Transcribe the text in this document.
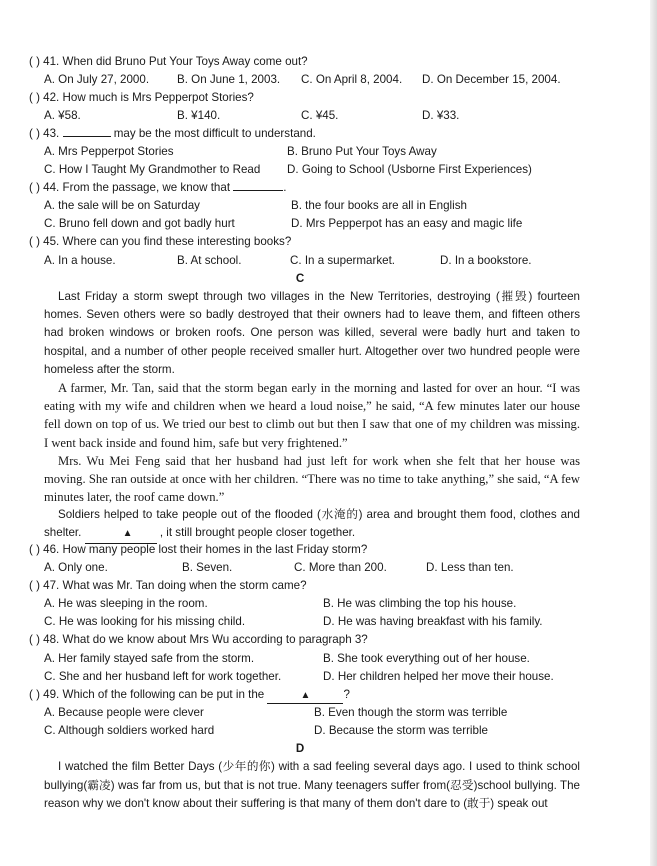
( ) 41. When did Bruno Put Your Toys Away come out?
A. On July 27, 2000. B. On June 1, 2003. C. On April 8, 2004. D. On December 15, 2004.
( ) 42. How much is Mrs Pepperpot Stories?
A. ¥58.	B. ¥140.	C. ¥45.	D. ¥33.
( ) 43.	may be the most difficult to understand.
A. Mrs Pepperpot Stories	B. Bruno Put Your Toys Away
C. How I Taught My Grandmother to Read D. Going to School (Usborne First Experiences)
( ) 44. From the passage, we know that	.
A. the sale will be on Saturday	B. the four books are all in English
C. Bruno fell down and got badly hurt	D. Mrs Pepperpot has an easy and magic life
( ) 45. Where can you find these interesting books?
A. In a house.	B. At school.	C. In a supermarket.	D. In a bookstore.
C

Last Friday a storm swept through two villages in the New Territories, destroying (摧毁) fourteen homes. Seven others were so badly destroyed that their owners had to leave them, and fifteen others had broken windows or broken roofs. One person was killed, several were badly hurt and taken to hospital, and a number of other people received smaller hurt. Altogether over two hundred people were homeless after the storm.

A farmer, Mr. Tan, said that the storm began early in the morning and lasted for over an hour. “I was eating with my wife and children when we heard a loud noise,” he said, “A few minutes later our house fell down on top of us. We tried our best to climb out but then I saw that one of my children was missing. I went back inside and found him, safe but very frightened.”

Mrs. Wu Mei Feng said that her husband had just left for work when she felt that her house was moving. She ran outside at once with her children. “There was no time to take anything,” she said, “A few minutes later, the roof came down.”

Soldiers helped to take people out of the flooded (水淹的) area and brought them food, clothes and shelter.	▲ , it still brought people closer together.

( ) 46. How many people lost their homes in the last Friday storm?
A. Only one.	B. Seven.	C. More than 200.	D. Less than ten.
( ) 47. What was Mr. Tan doing when the storm came?
A. He was sleeping in the room.	B. He was climbing the top his house.
C. He was looking for his missing child.	D. He was having breakfast with his family.
( ) 48. What do we know about Mrs Wu according to paragraph 3?
A. Her family stayed safe from the storm.	B. She took everything out of her house.
C. She and her husband left for work together.	D. Her children helped her move their house.
( ) 49. Which of the following can be put in the	▲	?
A. Because people were clever	B. Even though the storm was terrible
C. Although soldiers worked hard	D. Because the storm was terrible
D

I watched the film Better Days (少年的你) with a sad feeling several days ago. I used to think school bullying(霸凌) was far from us, but that is not true. Many teenagers suffer from(忍受)school bullying. The reason why we don't know about their suffering is that many of them don't dare to (敢于) speak out
